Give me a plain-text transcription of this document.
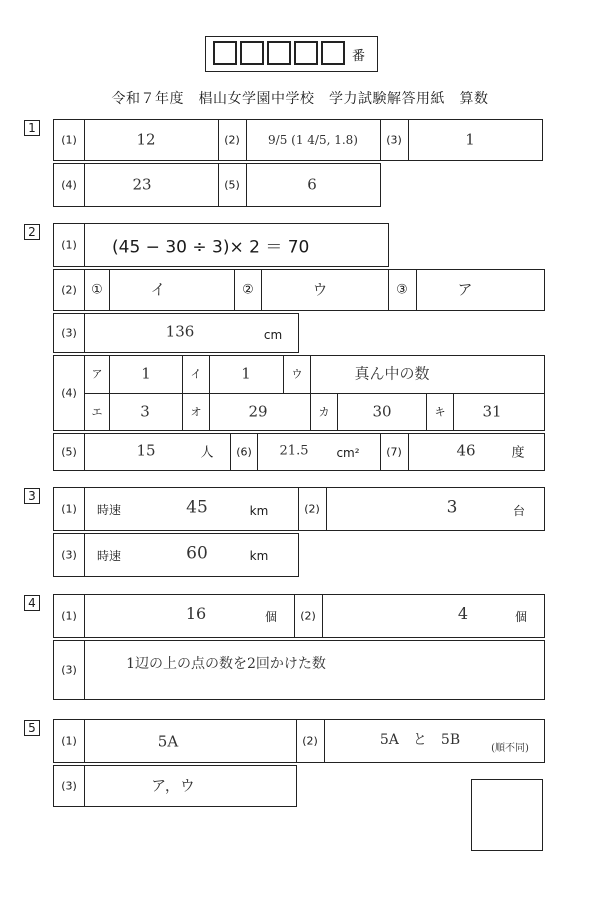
番
令和７年度　椙山女学園中学校　学力試験解答用紙　算数
1
(1)	12	(2) 9/5 (1 4/5, 1.8)	(3)	1
(4)	23	(5)	6
2
(1) (45 − 30 ÷ 3)× 2 ＝ 70
(2) ①	イ	②	ウ	③	ア
(3)	136	cm
(4)
ア	1	イ	1	ウ	真ん中の数
エ	3	オ	29	カ	30	キ 31
(5)	15	人 (6) 21.5 cm² (7)	46	度
3
(1) 時速	45	km	(2)	3	台
(3) 時速	60	km
4
(1)	16	個 (2)	4	個
(3)	1辺の上の点の数を2回かけた数
5
(1)	5A	(2)	5A　と　5B
(順不同)
(3)	ア，ウ
